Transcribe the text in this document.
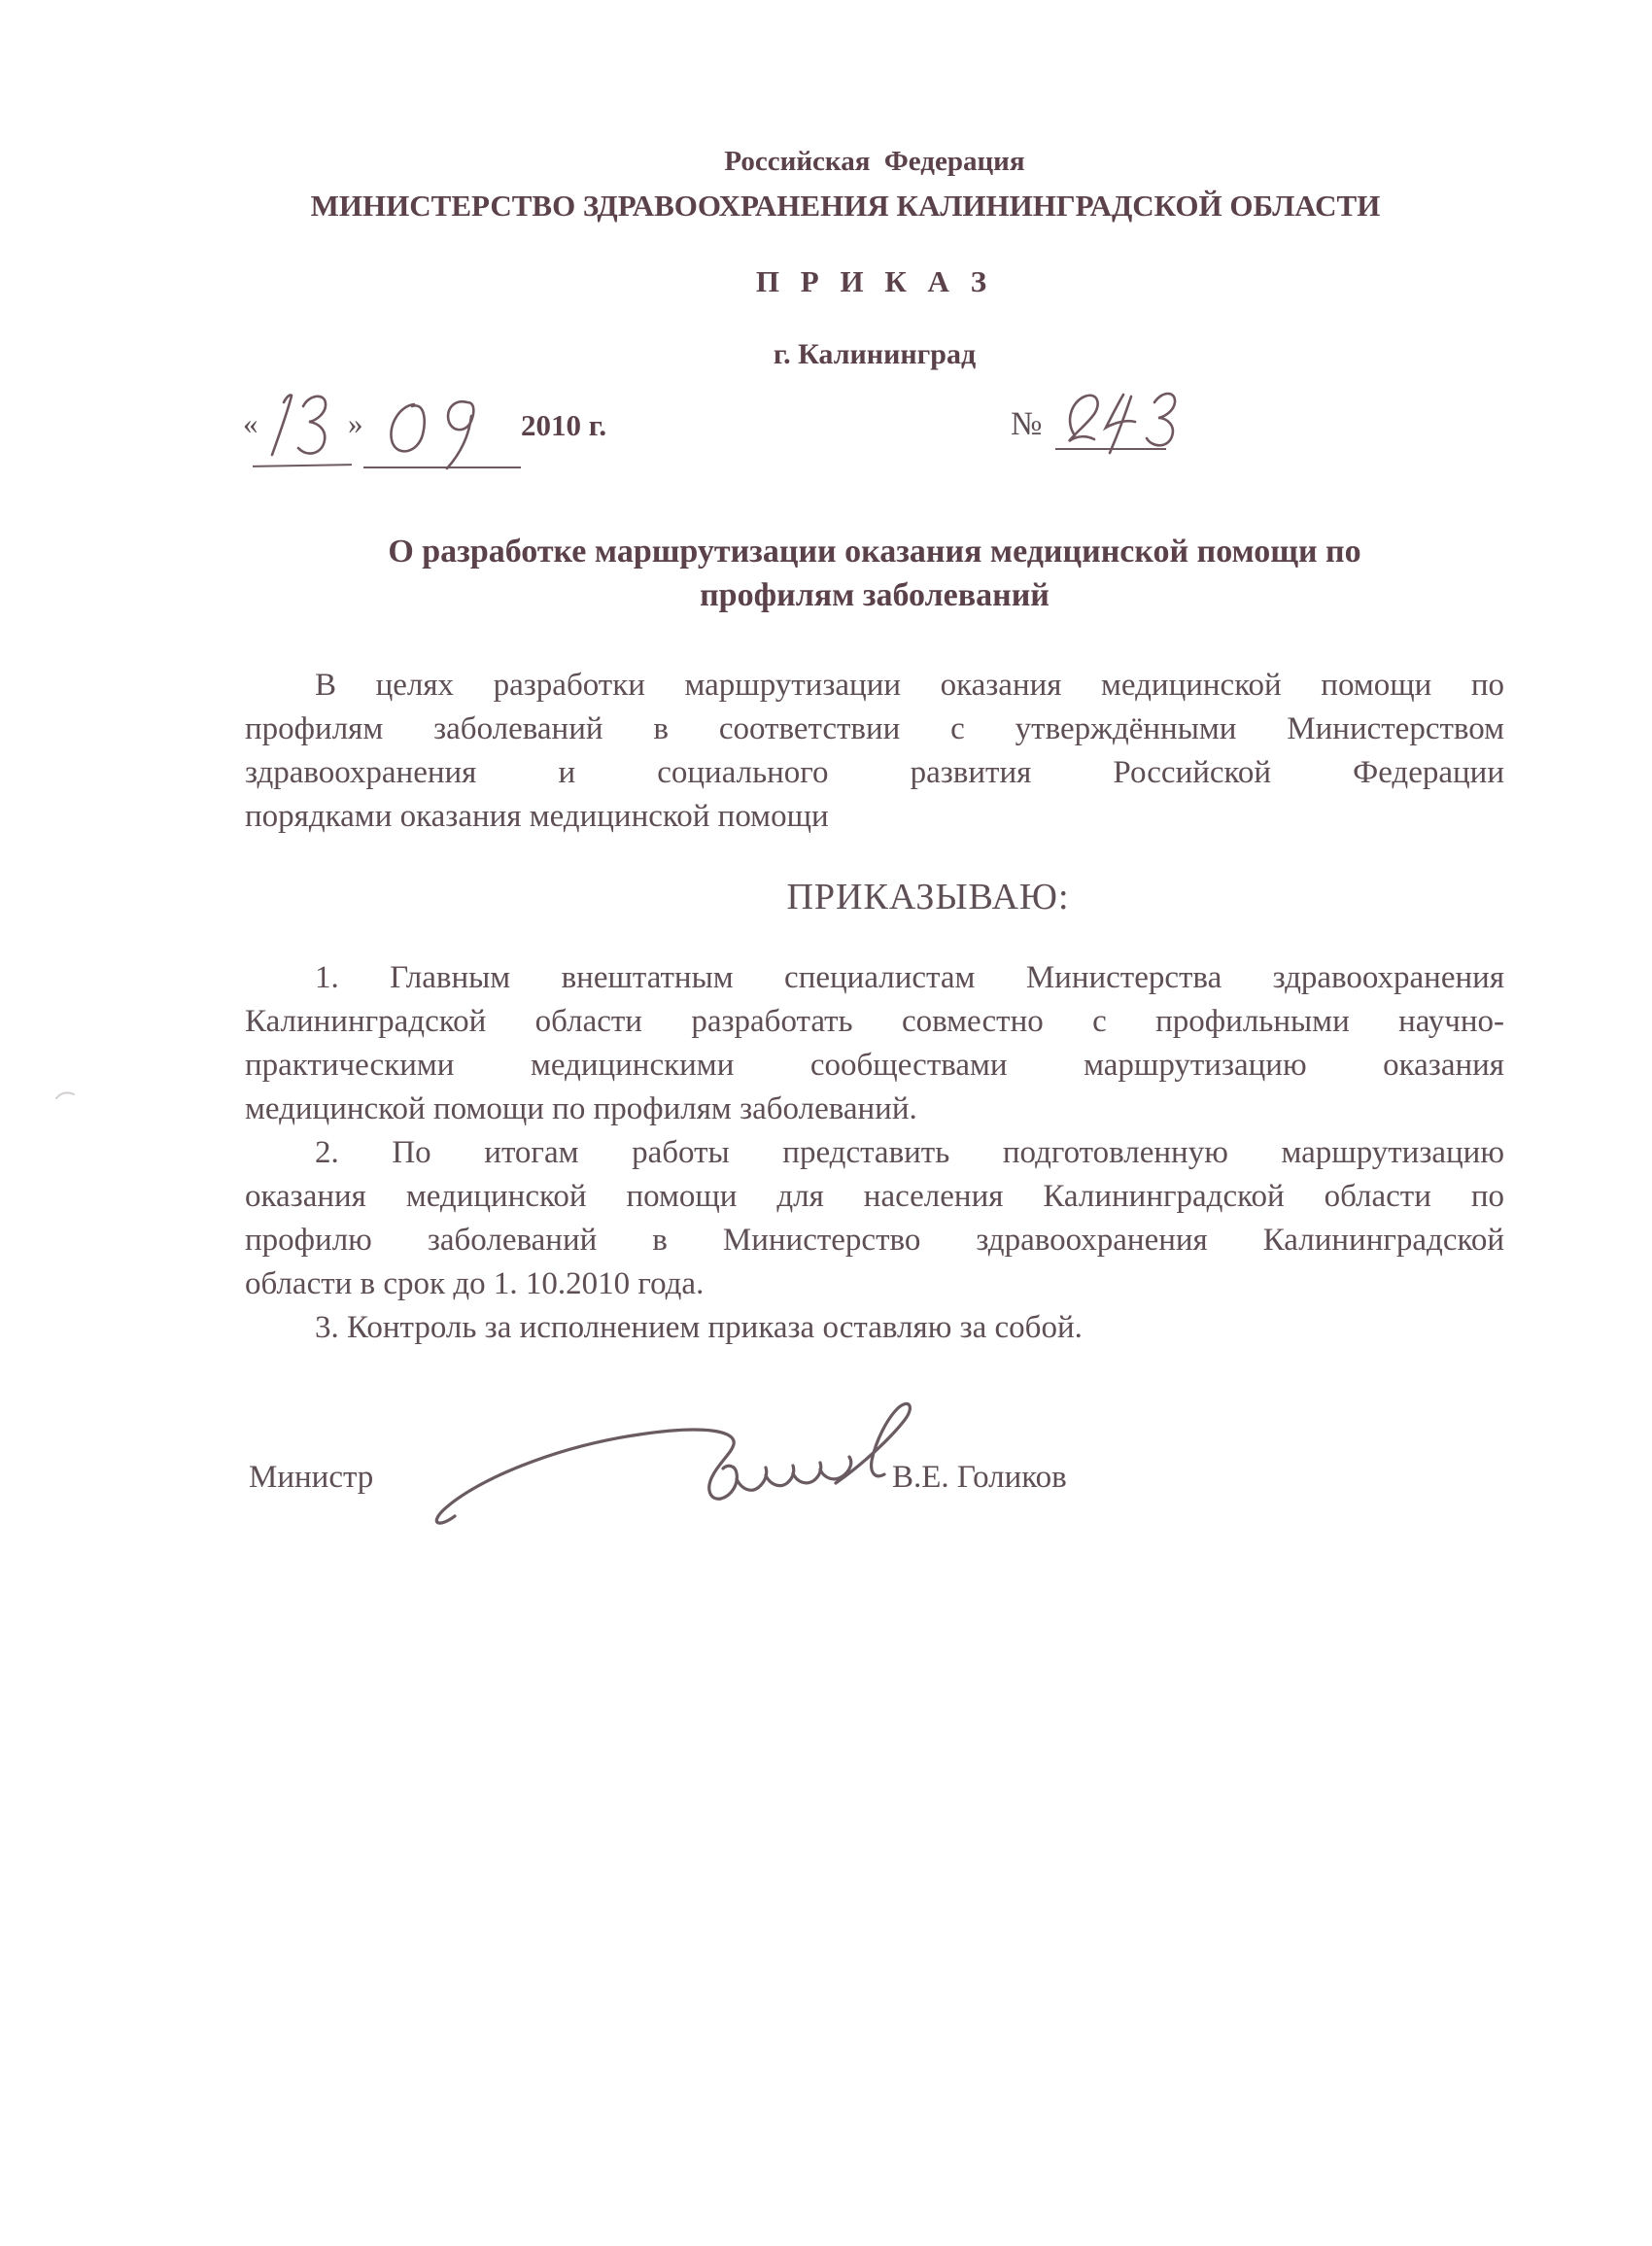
Российская  Федерация
МИНИСТЕРСТВО ЗДРАВООХРАНЕНИЯ КАЛИНИНГРАДСКОЙ ОБЛАСТИ
П Р И К А З
г. Калининград
«	»	2010 г.	№
О разработке маршрутизации оказания медицинской помощи по
профилям заболеваний
В целях разработки маршрутизации оказания медицинской помощи по
профилям заболеваний в соответствии с утверждёнными Министерством
здравоохранения и социального развития Российской Федерации
порядками оказания медицинской помощи
ПРИКАЗЫВАЮ:
1. Главным внештатным специалистам Министерства здравоохранения
Калининградской области разработать совместно с профильными научно-
практическими медицинскими сообществами маршрутизацию оказания
медицинской помощи по профилям заболеваний.
2. По итогам работы представить подготовленную маршрутизацию
оказания медицинской помощи для населения Калининградской области по
профилю заболеваний в Министерство здравоохранения Калининградской
области в срок до 1. 10.2010 года.
3. Контроль за исполнением приказа оставляю за собой.
Министр	В.Е. Голиков
